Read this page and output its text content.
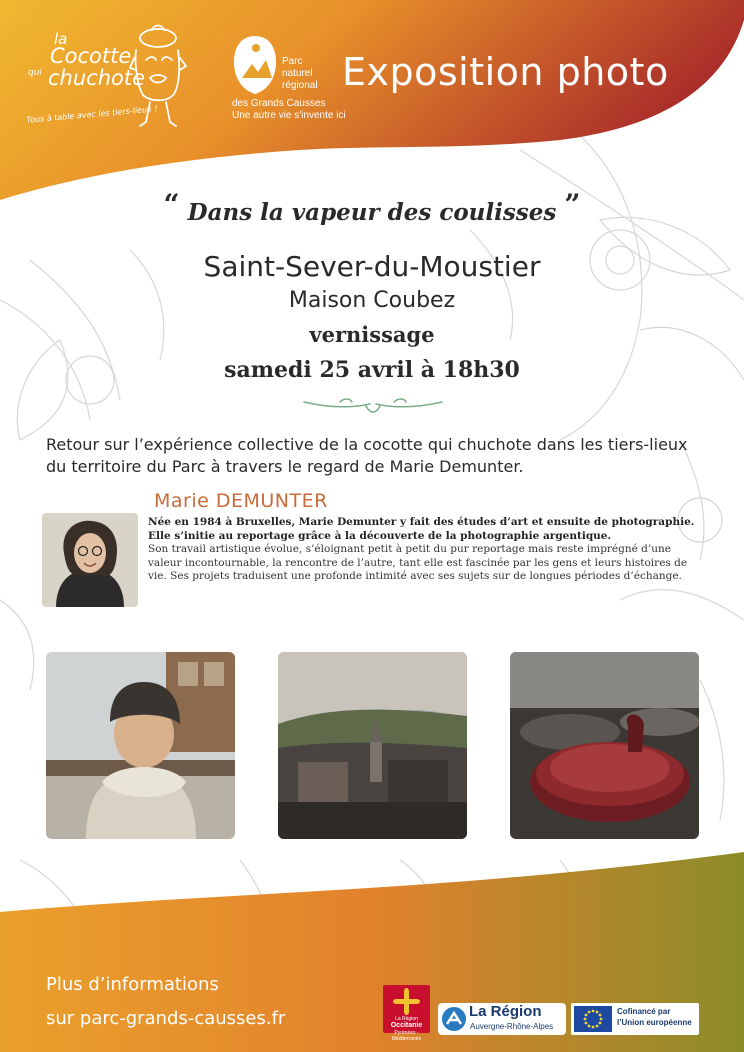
la
Cocotte
qui chuchote
Tous à table avec les tiers-lieux !
Parc
naturel
régional
des Grands Causses
Une autre vie s'invente ici
Exposition photo
“ Dans la vapeur des coulisses ”
Saint-Sever-du-Moustier
Maison Coubez
vernissage
samedi 25 avril à 18h30
Retour sur l’expérience collective de la cocotte qui chuchote dans les tiers-lieux du territoire du Parc à travers le regard de Marie Demunter.
Marie DEMUNTER
Née en 1984 à Bruxelles, Marie Demunter y fait des études d’art et ensuite de photographie. Elle s’initie au reportage grâce à la découverte de la photographie argentique.
Son travail artistique évolue, s’éloignant petit à petit du pur reportage mais reste imprégné d’une valeur incontournable, la rencontre de l’autre, tant elle est fascinée par les gens et leurs histoires de vie. Ses projets traduisent une profonde intimité avec ses sujets sur de longues périodes d’échange.
Plus d’informations
sur parc-grands-causses.fr	La Région
Occitanie
Pyrénées - Méditerranée
La Région
Auvergne-Rhône-Alpes
Cofinancé par
l’Union européenne
